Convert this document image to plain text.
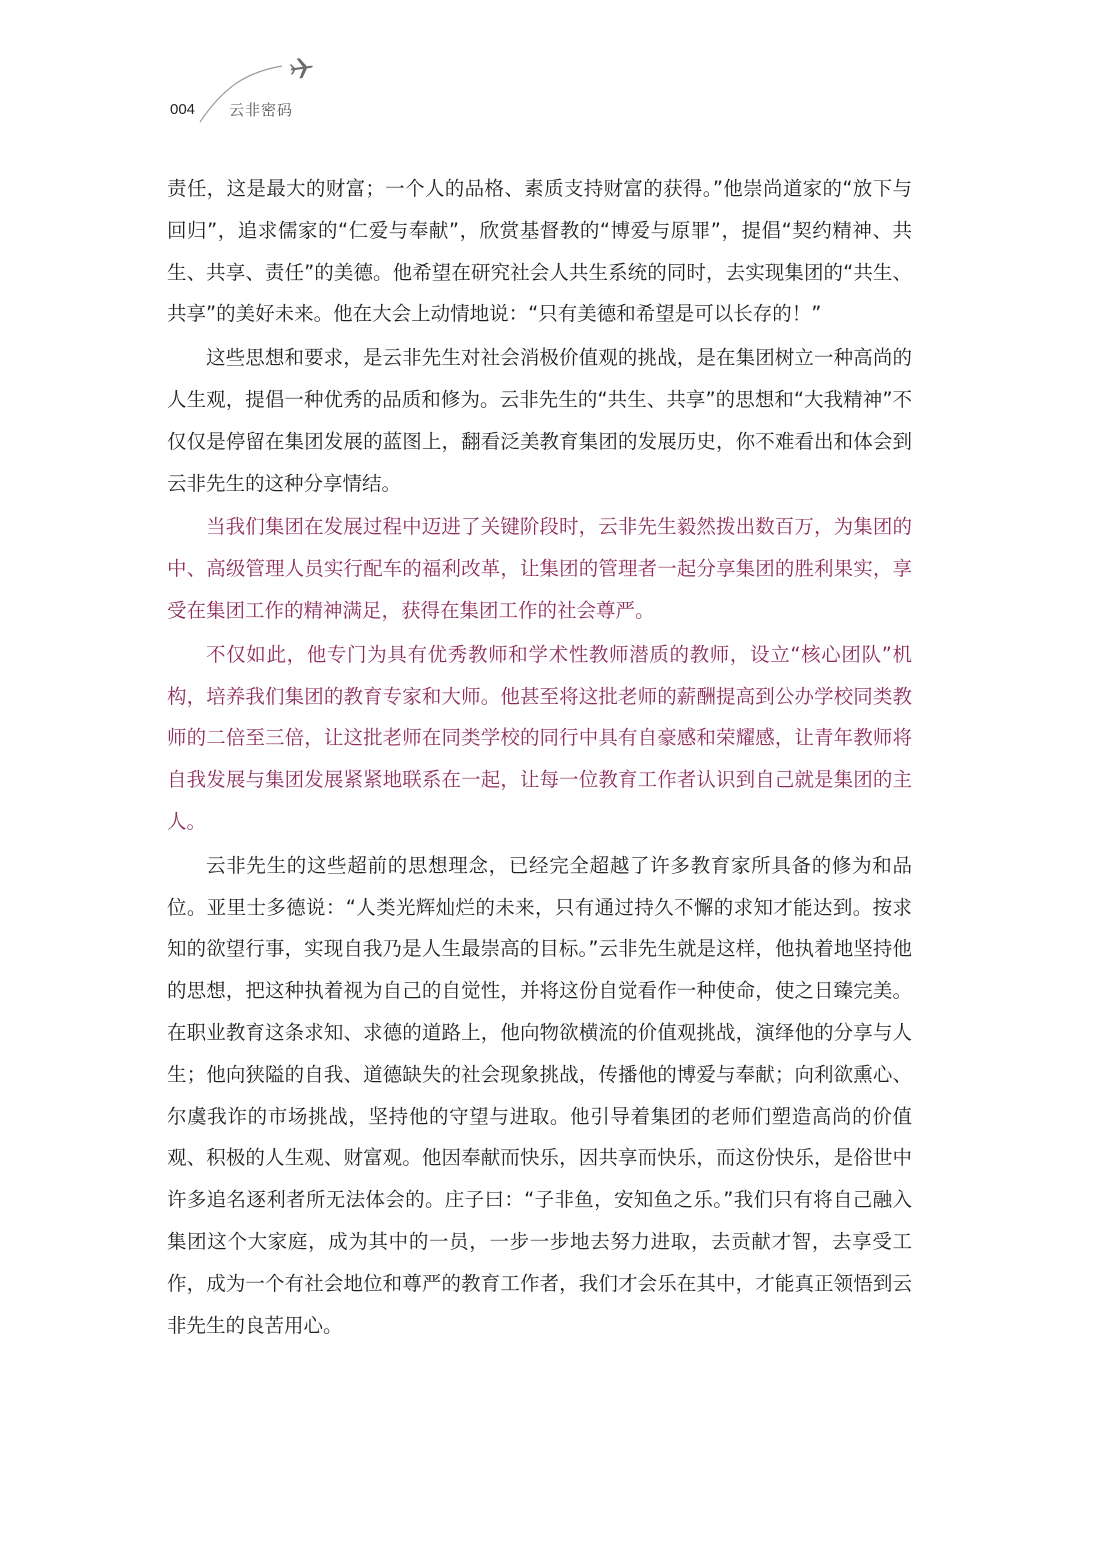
004 云非密码

责任，这是最大的财富；一个人的品格、素质支持财富的获得。”他崇尚道家的“放下与回归”，追求儒家的“仁爱与奉献”，欣赏基督教的“博爱与原罪”，提倡“契约精神、共生、共享、责任”的美德。他希望在研究社会人共生系统的同时，去实现集团的“共生、共享”的美好未来。他在大会上动情地说：“只有美德和希望是可以长存的！”

这些思想和要求，是云非先生对社会消极价值观的挑战，是在集团树立一种高尚的人生观，提倡一种优秀的品质和修为。云非先生的“共生、共享”的思想和“大我精神”不仅仅是停留在集团发展的蓝图上，翻看泛美教育集团的发展历史，你不难看出和体会到云非先生的这种分享情结。

当我们集团在发展过程中迈进了关键阶段时，云非先生毅然拨出数百万，为集团的中、高级管理人员实行配车的福利改革，让集团的管理者一起分享集团的胜利果实，享受在集团工作的精神满足，获得在集团工作的社会尊严。

不仅如此，他专门为具有优秀教师和学术性教师潜质的教师，设立“核心团队”机构，培养我们集团的教育专家和大师。他甚至将这批老师的薪酬提高到公办学校同类教师的二倍至三倍，让这批老师在同类学校的同行中具有自豪感和荣耀感，让青年教师将自我发展与集团发展紧紧地联系在一起，让每一位教育工作者认识到自己就是集团的主人。

云非先生的这些超前的思想理念，已经完全超越了许多教育家所具备的修为和品位。亚里士多德说：“人类光辉灿烂的未来，只有通过持久不懈的求知才能达到。按求知的欲望行事，实现自我乃是人生最崇高的目标。”云非先生就是这样，他执着地坚持他的思想，把这种执着视为自己的自觉性，并将这份自觉看作一种使命，使之日臻完美。在职业教育这条求知、求德的道路上，他向物欲横流的价值观挑战，演绎他的分享与人生；他向狭隘的自我、道德缺失的社会现象挑战，传播他的博爱与奉献；向利欲熏心、尔虞我诈的市场挑战，坚持他的守望与进取。他引导着集团的老师们塑造高尚的价值观、积极的人生观、财富观。他因奉献而快乐，因共享而快乐，而这份快乐，是俗世中许多追名逐利者所无法体会的。庄子曰：“子非鱼，安知鱼之乐。”我们只有将自己融入集团这个大家庭，成为其中的一员，一步一步地去努力进取，去贡献才智，去享受工作，成为一个有社会地位和尊严的教育工作者，我们才会乐在其中，才能真正领悟到云非先生的良苦用心。
